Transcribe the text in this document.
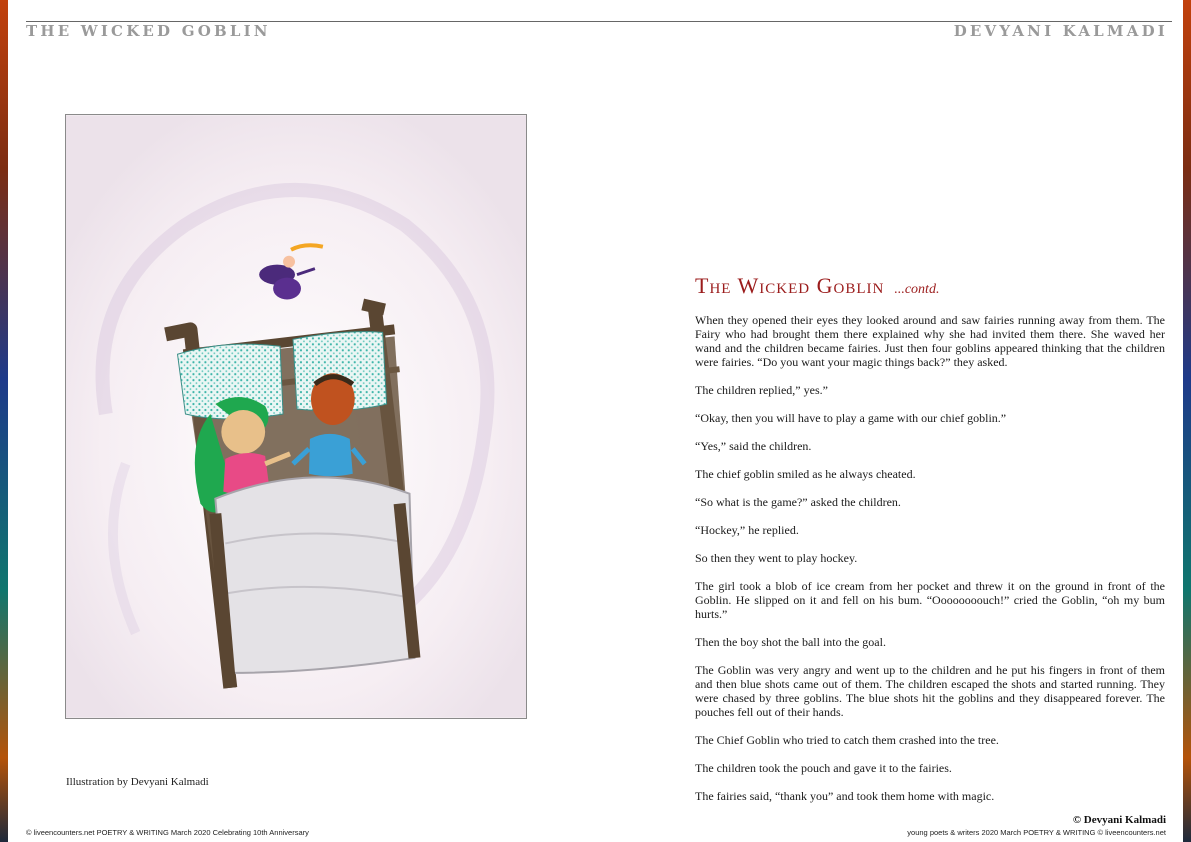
THE WICKED GOBLIN	DEVYANI KALMADI
Illustration by Devyani Kalmadi
The Wicked Goblin ...contd.

When they opened their eyes they looked around and saw fairies running away from them. The Fairy who had brought them there explained why she had invited them there. She waved her wand and the children became fairies. Just then four goblins appeared thinking that the children were fairies. “Do you want your magic things back?” they asked.

The children replied,” yes.”

“Okay, then you will have to play a game with our chief goblin.”

“Yes,” said the children.

The chief goblin smiled as he always cheated.

“So what is the game?” asked the children.

“Hockey,” he replied.

So then they went to play hockey.

The girl took a blob of ice cream from her pocket and threw it on the ground in front of the Goblin. He slipped on it and fell on his bum. “Oooooooouch!” cried the Goblin, “oh my bum hurts.”

Then the boy shot the ball into the goal.

The Goblin was very angry and went up to the children and he put his fingers in front of them and then blue shots came out of them. The children escaped the shots and started running. They were chased by three goblins. The blue shots hit the goblins and they disappeared forever. The pouches fell out of their hands.

The Chief Goblin who tried to catch them crashed into the tree.

The children took the pouch and gave it to the fairies.

The fairies said, “thank you” and took them home with magic.

© Devyani Kalmadi
© liveencounters.net POETRY & WRITING March 2020 Celebrating 10th Anniversary	young poets & writers 2020 March POETRY & WRITING © liveencounters.net
